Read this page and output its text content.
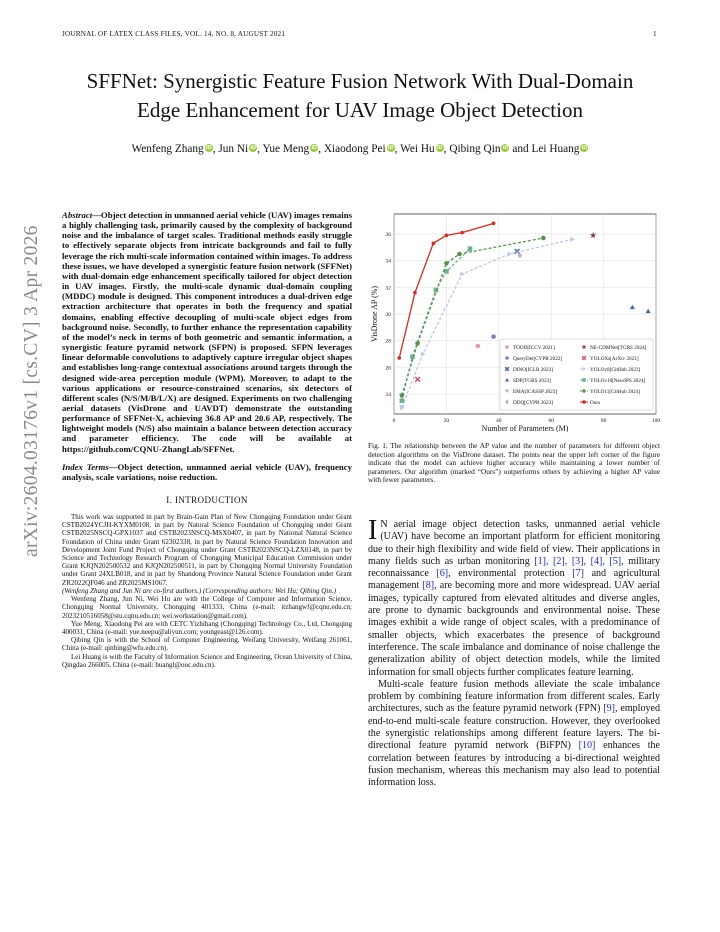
JOURNAL OF LATEX CLASS FILES, VOL. 14, NO. 8, AUGUST 2021	1
arXiv:2604.03176v1 [cs.CV] 3 Apr 2026
SFFNet: Synergistic Feature Fusion Network With Dual-Domain
Edge Enhancement for UAV Image Object Detection
Wenfeng Zhang iD, Jun Ni iD, Yue Meng iD, Xiaodong Pei iD, Wei Hu iD, Qibing Qin iD and Lei Huang iD
Abstract—Object detection in unmanned aerial vehicle (UAV) images remains a highly challenging task, primarily caused by the complexity of background noise and the imbalance of target scales. Traditional methods easily struggle to effectively separate objects from intricate backgrounds and fail to fully leverage the rich multi-scale information contained within images. To address these issues, we have developed a synergistic feature fusion network (SFFNet) with dual-domain edge enhancement specifically tailored for object detection in UAV images. Firstly, the multi-scale dynamic dual-domain coupling (MDDC) module is designed. This component introduces a dual-driven edge extraction architecture that operates in both the frequency and spatial domains, enabling effective decoupling of multi-scale object edges from background noise. Secondly, to further enhance the representation capability of the model’s neck in terms of both geometric and semantic information, a synergistic feature pyramid network (SFPN) is proposed. SFPN leverages linear deformable convolutions to adaptively capture irregular object shapes and establishes long-range contextual associations around targets through the designed wide-area perception module (WPM). Moreover, to adapt to the various applications or resource-constrained scenarios, six detectors of different scales (N/S/M/B/L/X) are designed. Experiments on two challenging aerial datasets (VisDrone and UAVDT) demonstrate the outstanding performance of SFFNet-X, achieving 36.8 AP and 20.6 AP, respectively. The lightweight models (N/S) also maintain a balance between detection accuracy and parameter efficiency. The code will be available at https://github.com/CQNU-ZhangLab/SFFNet.
Index Terms—Object detection, unmanned aerial vehicle (UAV), frequency analysis, scale variations, noise reduction.
I. INTRODUCTION

This work was supported in part by Brain-Gain Plan of New Chongqing Foundation under Grant CSTB2024YCJH-KYXM0108, in part by Natural Science Foundation of Chongqing under Grant CSTB2025NSCQ-GPX1037 and CSTB2023NSCQ-MSX0407, in part by National Natural Science Foundation of China under Grant 62302338, in part by Natural Science Foundation Innovation and Development Joint Fund Project of Chongqing under Grant CSTB2023NSCQ-LZX0148, in part by Science and Technology Research Program of Chongqing Municipal Education Commission under Grant KJQN202500532 and KJQN202500511, in part by Chongqing Normal University Foundation under Grant 24XLB018, and in part by Shandong Province Natural Science Foundation under Grant ZR2022QF046 and ZR2025MS1067.

(Wenfeng Zhang and Jun Ni are co-first authors.) (Corresponding authors: Wei Hu; Qibing Qin.)

Wenfeng Zhang, Jun Ni, Wei Hu are with the College of Computer and Information Science, Chongqing Normal University, Chongqing 401333, China (e-mail: itzhangwf@cqnu.edu.cn; 2023210516058@stu.cqnu.edu.cn; wei.workstation@gmail.com).

Yue Meng, Xiaodong Pei are with CETC Yizhihang (Chongqing) Technology Co., Ltd, Chongqing 400031, China (e-mail: yue.neepu@aliyun.com; youngeast@126.com).

Qibing Qin is with the School of Computer Engineering, Weifang University, Weifang 261061, China (e-mail: qinbing@wfu.edu.cn).

Lei Huang is with the Faculty of Information Science and Engineering, Ocean University of China, Qingdao 266005, China (e-mail: huangl@ouc.edu.cn).

0	20	40	60	80	100
24
26
28
30
32
34
36
Number of Parameters (M)
VisDrone AP (%)
TOOD[ICCV 2021]
QueryDet[CVPR 2022]
DINO[ICLR 2023]
SDP[TGRS 2023]
EMA[ICASSP 2023]
DDQ[CVPR 2023]
NE-CDMNet[TGRS 2024]
YOLOXs[ArXiv 2021]
YOLOv8[GitHub 2023]
YOLOv10[NeurIPS 2024]
YOLO11[GitHub 2024]
Ours
Fig. 1. The relationship between the AP value and the number of parameters for different object detection algorithms on the VisDrone dataset. The points near the upper left corner of the figure indicate that the model can achieve higher accuracy while maintaining a lower number of parameters. Our algorithm (marked “Ours”) outperforms others by achieving a higher AP value with fewer parameters.

I N aerial image object detection tasks, unmanned aerial vehicle (UAV) have become an important platform for efficient monitoring due to their high flexibility and wide field of view. Their applications in many fields such as urban monitoring [1], [2], [3], [4], [5], military reconnaissance [6], environmental protection [7] and agricultural management [8], are becoming more and more widespread. UAV aerial images, typically captured from elevated altitudes and diverse angles, are prone to dynamic backgrounds and environmental noise. These images exhibit a wide range of object scales, with a predominance of smaller objects, which exacerbates the presence of background interference. The scale imbalance and dominance of noise challenge the generalization ability of object detection models, while the limited information for small objects further complicates feature learning.

Multi-scale feature fusion methods alleviate the scale imbalance problem by combining feature information from different scales. Early architectures, such as the feature pyramid network (FPN) [9], employed end-to-end multi-scale feature construction. However, they overlooked the synergistic relationships among different feature layers. The bi-directional feature pyramid network (BiFPN) [10] enhances the correlation between features by introducing a bi-directional weighted fusion mechanism, whereas this mechanism may also lead to potential information loss.
